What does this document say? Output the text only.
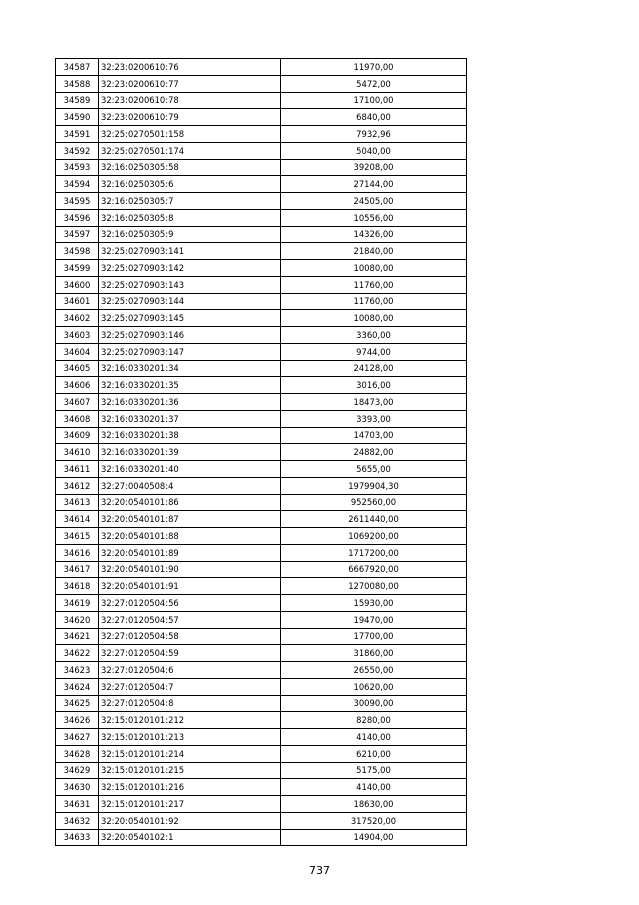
34587	32:23:0200610:76	11970,00
34588	32:23:0200610:77	5472,00
34589	32:23:0200610:78	17100,00
34590	32:23:0200610:79	6840,00
34591	32:25:0270501:158	7932,96
34592	32:25:0270501:174	5040,00
34593	32:16:0250305:58	39208,00
34594	32:16:0250305:6	27144,00
34595	32:16:0250305:7	24505,00
34596	32:16:0250305:8	10556,00
34597	32:16:0250305:9	14326,00
34598	32:25:0270903:141	21840,00
34599	32:25:0270903:142	10080,00
34600	32:25:0270903:143	11760,00
34601	32:25:0270903:144	11760,00
34602	32:25:0270903:145	10080,00
34603	32:25:0270903:146	3360,00
34604	32:25:0270903:147	9744,00
34605	32:16:0330201:34	24128,00
34606	32:16:0330201:35	3016,00
34607	32:16:0330201:36	18473,00
34608	32:16:0330201:37	3393,00
34609	32:16:0330201:38	14703,00
34610	32:16:0330201:39	24882,00
34611	32:16:0330201:40	5655,00
34612	32:27:0040508:4	1979904,30
34613	32:20:0540101:86	952560,00
34614	32:20:0540101:87	2611440,00
34615	32:20:0540101:88	1069200,00
34616	32:20:0540101:89	1717200,00
34617	32:20:0540101:90	6667920,00
34618	32:20:0540101:91	1270080,00
34619	32:27:0120504:56	15930,00
34620	32:27:0120504:57	19470,00
34621	32:27:0120504:58	17700,00
34622	32:27:0120504:59	31860,00
34623	32:27:0120504:6	26550,00
34624	32:27:0120504:7	10620,00
34625	32:27:0120504:8	30090,00
34626	32:15:0120101:212	8280,00
34627	32:15:0120101:213	4140,00
34628	32:15:0120101:214	6210,00
34629	32:15:0120101:215	5175,00
34630	32:15:0120101:216	4140,00
34631	32:15:0120101:217	18630,00
34632	32:20:0540101:92	317520,00
34633	32:20:0540102:1	14904,00
737
